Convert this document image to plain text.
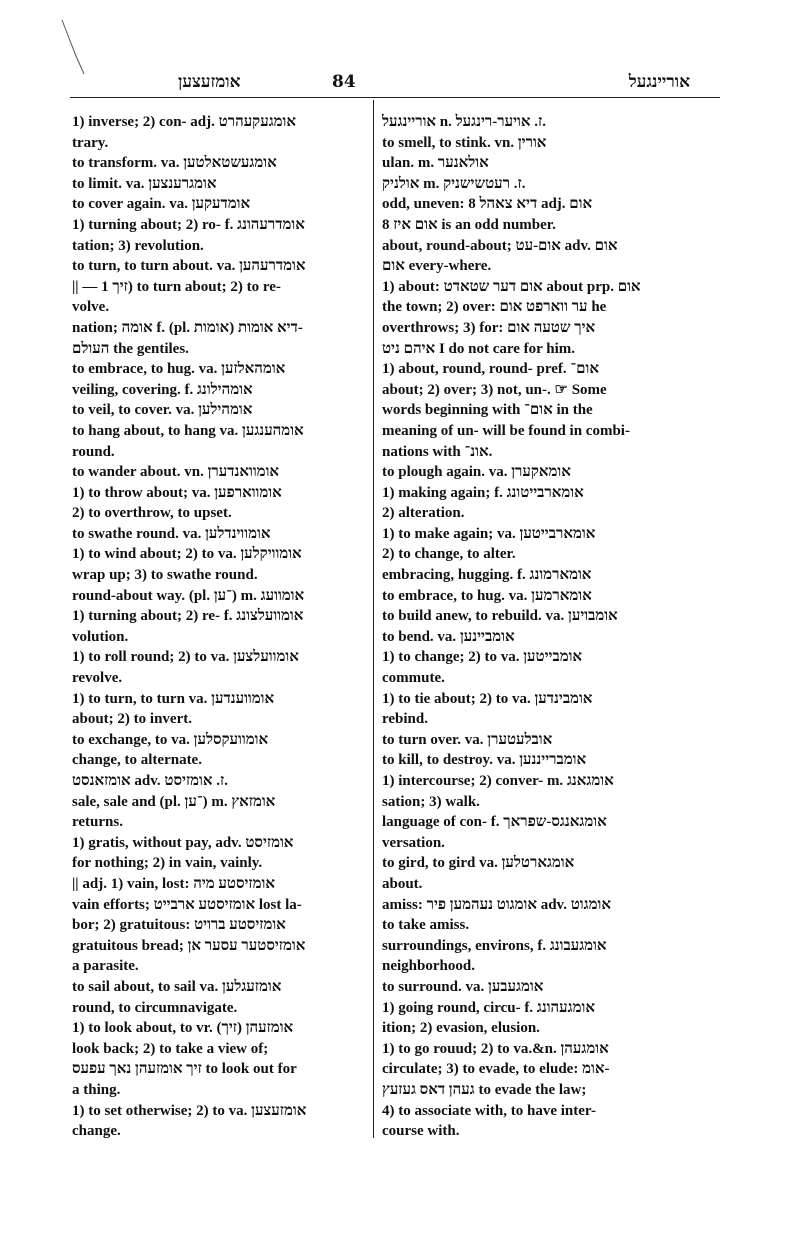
אומזעצען	84	אוריינגעל
1) inverse; 2) con- adj. אומגעקעהרט
trary.
to transform. va. אומגעשטאלטען
to limit. va. אומגרענצען
to cover again. va. אומדעקען
1) turning about; 2) ro- f. אומדרעהונג
tation; 3) revolution.
to turn, to turn about. va. אומדרעהען
|| — זיך 1) to turn about; 2) to re-
volve.
nation; אומה f. (pl. אומות) דיא אומות-
העולם the gentiles.
to embrace, to hug. va. אומהאלזען
veiling, covering. f. אומהילונג
to veil, to cover. va. אומהילען
to hang about, to hang va. אומהענגען
round.
to wander about. vn. אומוואנדערן
1) to throw about; va. אומווארפען
2) to overthrow, to upset.
to swathe round. va. אומווינדלען
1) to wind about; 2) to va. אומוויקלען
wrap up; 3) to swathe round.
round-about way. (pl. ־ען) m. אומוועג
1) turning about; 2) re- f. אומוועלצונג
volution.
1) to roll round; 2) to va. אומוועלצען
revolve.
1) to turn, to turn va. אומווענדען
about; 2) to invert.
to exchange, to va. אומוועקסלען
change, to alternate.
אומזאנסט adv. ז. אומזיסט.
sale, sale and (pl. ־ען) m. אומזאץ
returns.
1) gratis, without pay, adv. אומזיסט
for nothing; 2) in vain, vainly.
|| adj. 1) vain, lost: אומזיסטע מיה
vain efforts; אומזיסטע ארבייט lost la-
bor; 2) gratuitous: אומזיסטע ברויט
gratuitous bread; אומזיסטער עסער אן
a parasite.
to sail about, to sail va. אומזעגלען
round, to circumnavigate.
1) to look about, to vr. (זיך) אומזעהן
look back; 2) to take a view of;
זיך אומזעהן נאך עפעס to look out for
a thing.
1) to set otherwise; 2) to va. אומזעצען
change.
אוריינגעל n. ז. אויער-רינגעל.
to smell, to stink. vn. אורין
ulan. m. אולאנער
אולניק m. ז. רעטשישניק.
odd, uneven: 8 דיא צאהל adj. אום
אום איז 8 is an odd number.
about, round-about; אום-עט adv. אום
אום every-where.
1) about: אום דער שטאדט about prp. אום
the town; 2) over: ער ווארפט אום he
overthrows; 3) for: איך שטעה אום
איהם ניט I do not care for him.
1) about, round, round- pref. אום־
about; 2) over; 3) not, un-. ☞ Some
words beginning with אום־ in the
meaning of un- will be found in combi-
nations with אונ־.
to plough again. va. אומאקערן
1) making again; f. אומארבייטונג
2) alteration.
1) to make again; va. אומארבייטען
2) to change, to alter.
embracing, hugging. f. אומארמונג
to embrace, to hug. va. אומארמען
to build anew, to rebuild. va. אומבויען
to bend. va. אומביינען
1) to change; 2) to va. אומבייטען
commute.
1) to tie about; 2) to va. אומבינדען
rebind.
to turn over. va. אובלעטערן
to kill, to destroy. va. אומברייננען
1) intercourse; 2) conver- m. אומגאנג
sation; 3) walk.
language of con- f. אומגאנגס-שפראך
versation.
to gird, to gird va. אומגארטלען
about.
amiss: אומגוט נעהמען פיר adv. אומגוט
to take amiss.
surroundings, environs, f. אומגעבונג
neighborhood.
to surround. va. אומגעבען
1) going round, circu- f. אומגעהונג
ition; 2) evasion, elusion.
1) to go rouud; 2) to va.&n. אומגעהן
circulate; 3) to evade, to elude: אומ-
געהן דאס געזעץ to evade the law;
4) to associate with, to have inter-
course with.
